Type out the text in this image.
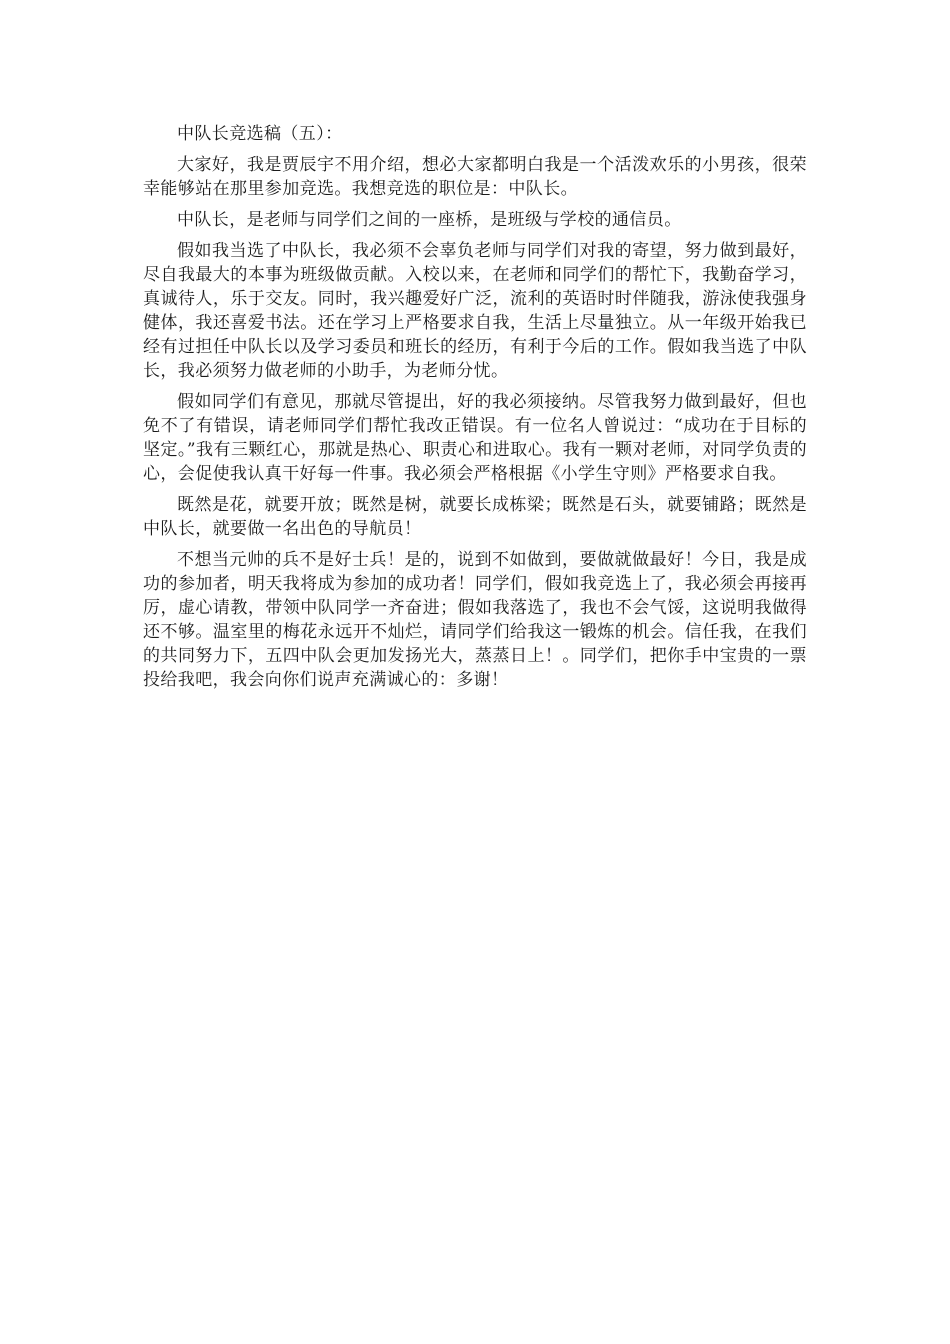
中队长竞选稿（五）：

大家好，我是贾辰宇不用介绍，想必大家都明白我是一个活泼欢乐的小男孩，很荣幸能够站在那里参加竞选。我想竞选的职位是：中队长。

中队长，是老师与同学们之间的一座桥，是班级与学校的通信员。

假如我当选了中队长，我必须不会辜负老师与同学们对我的寄望，努力做到最好，尽自我最大的本事为班级做贡献。入校以来，在老师和同学们的帮忙下，我勤奋学习，真诚待人，乐于交友。同时，我兴趣爱好广泛，流利的英语时时伴随我，游泳使我强身健体，我还喜爱书法。还在学习上严格要求自我，生活上尽量独立。从一年级开始我已经有过担任中队长以及学习委员和班长的经历，有利于今后的工作。假如我当选了中队长，我必须努力做老师的小助手，为老师分忧。

假如同学们有意见，那就尽管提出，好的我必须接纳。尽管我努力做到最好，但也免不了有错误，请老师同学们帮忙我改正错误。有一位名人曾说过：“成功在于目标的坚定。”我有三颗红心，那就是热心、职责心和进取心。我有一颗对老师，对同学负责的心，会促使我认真干好每一件事。我必须会严格根据《小学生守则》严格要求自我。

既然是花，就要开放；既然是树，就要长成栋梁；既然是石头，就要铺路；既然是中队长，就要做一名出色的导航员！

不想当元帅的兵不是好士兵！是的，说到不如做到，要做就做最好！今日，我是成功的参加者，明天我将成为参加的成功者！同学们，假如我竞选上了，我必须会再接再厉，虚心请教，带领中队同学一齐奋进；假如我落选了，我也不会气馁，这说明我做得还不够。温室里的梅花永远开不灿烂，请同学们给我这一锻炼的机会。信任我，在我们的共同努力下，五四中队会更加发扬光大，蒸蒸日上！。同学们，把你手中宝贵的一票投给我吧，我会向你们说声充满诚心的：多谢！
